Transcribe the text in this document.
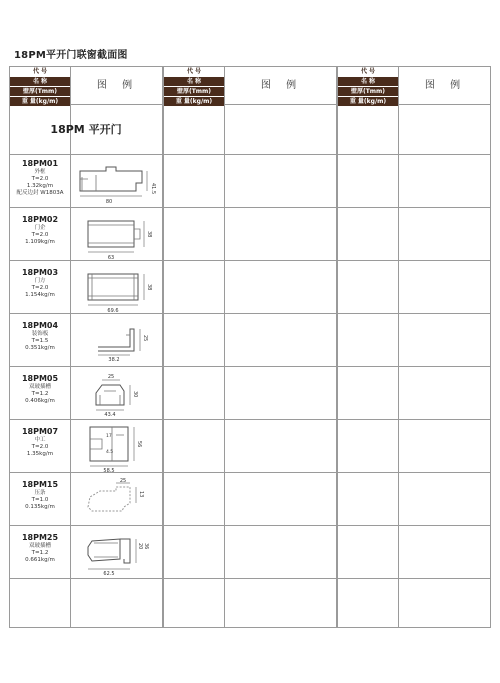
18PM平开门联窗截面图
代 号
名 称
壁厚(Tmm)
重 量(kg/m)
图 例
18PM 平开门
18PM01
外框
T=2.0
1.32kg/m
配反边封 W1803A
80
41.5
18PM02
门企
T=2.0
1.109kg/m
63
38
18PM03
门方
T=2.0
1.154kg/m
69.6
38
18PM04
装饰板
T=1.5
0.351kg/m
38.2
25
18PM05
双玻插槽
T=1.2
0.406kg/m
25
43.4
30
18PM07
中工
T=2.0
1.35kg/m
17
4.5
58.5
56
18PM15
压条
T=1.0
0.135kg/m
25
13
18PM25
双玻插槽
T=1.2
0.661kg/m
62.5
20 36
代 号
名 称
壁厚(Tmm)
重 量(kg/m)
图 例
代 号
名 称
壁厚(Tmm)
重 量(kg/m)
图 例
